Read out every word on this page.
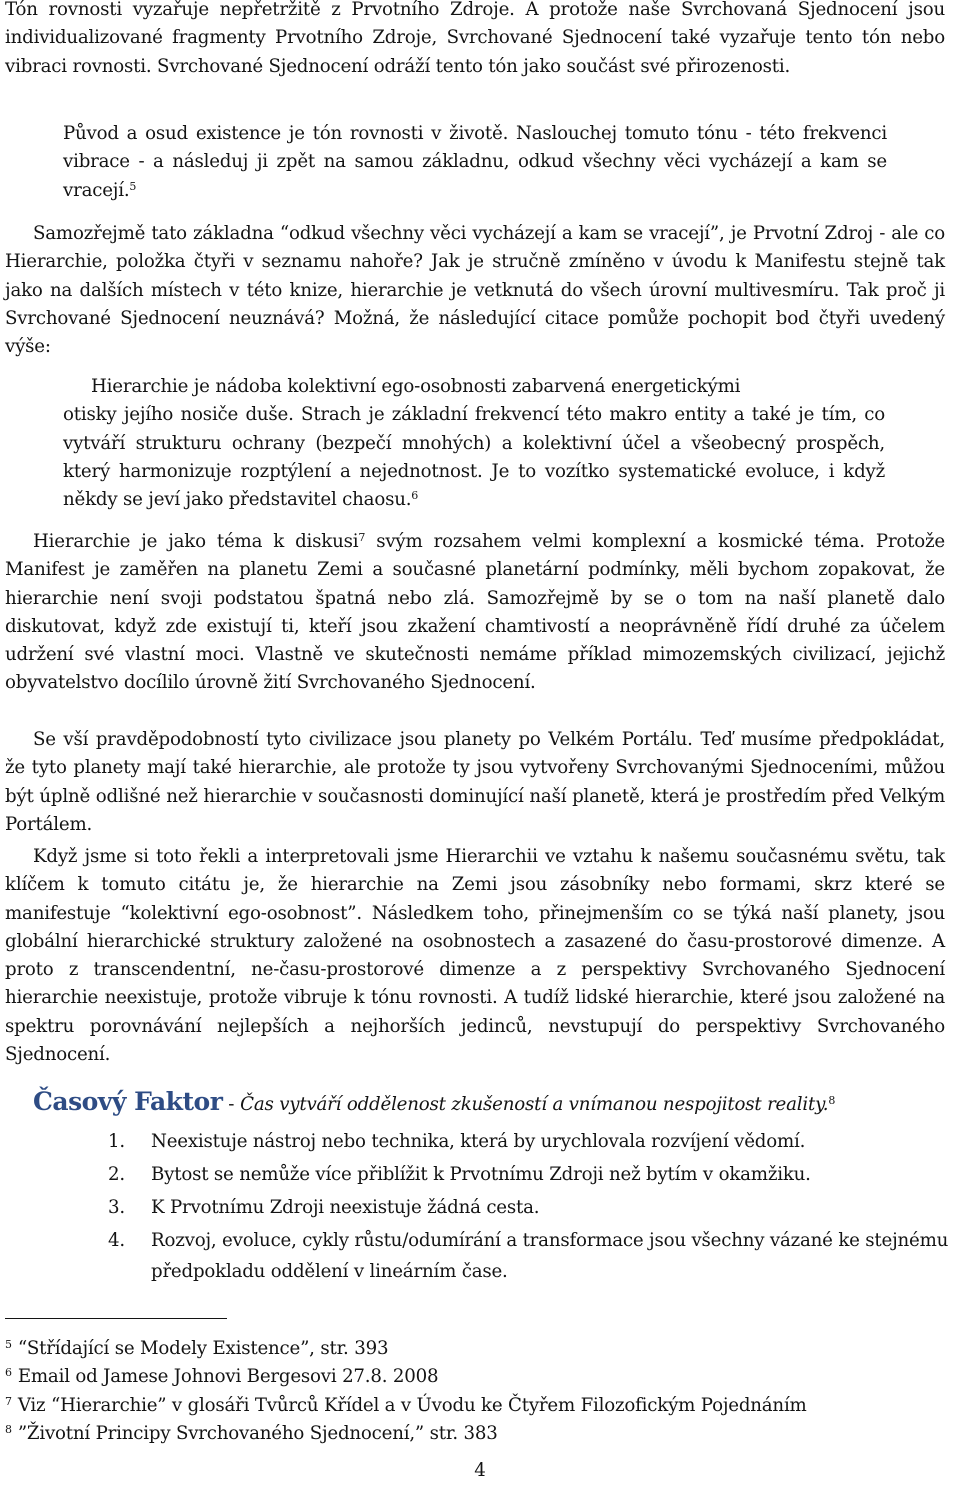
Tón rovnosti vyzařuje nepřetržitě z Prvotního Zdroje. A protože naše Svrchovaná Sjednocení jsou individualizované fragmenty Prvotního Zdroje, Svrchované Sjednocení také vyzařuje tento tón nebo vibraci rovnosti. Svrchované Sjednocení odráží tento tón jako součást své přirozenosti.

Původ a osud existence je tón rovnosti v životě. Naslouchej tomuto tónu - této frekvenci vibrace - a následuj ji zpět na samou základnu, odkud všechny věci vycházejí a kam se vracejí.$^5$

Samozřejmě tato základna “odkud všechny věci vycházejí a kam se vracejí”, je Prvotní Zdroj - ale co Hierarchie, položka čtyři v seznamu nahoře? Jak je stručně zmíněno v úvodu k Manifestu stejně tak jako na dalších místech v této knize, hierarchie je vetknutá do všech úrovní multivesmíru. Tak proč ji Svrchované Sjednocení neuznává? Možná, že následující citace pomůže pochopit bod čtyři uvedený výše:

Hierarchie je nádoba kolektivní ego-osobnosti zabarvená energetickými
otisky jejího nosiče duše. Strach je základní frekvencí této makro entity a také je tím, co vytváří strukturu ochrany (bezpečí mnohých) a kolektivní účel a všeobecný prospěch, který harmonizuje rozptýlení a nejednotnost. Je to vozítko systematické evoluce, i když někdy se jeví jako představitel chaosu.$^6$

Hierarchie je jako téma k diskusi$^7$ svým rozsahem velmi komplexní a kosmické téma. Protože Manifest je zaměřen na planetu Zemi a současné planetární podmínky, měli bychom zopakovat, že hierarchie není svoji podstatou špatná nebo zlá. Samozřejmě by se o tom na naší planetě dalo diskutovat, když zde existují ti, kteří jsou zkažení chamtivostí a neoprávněně řídí druhé za účelem udržení své vlastní moci. Vlastně ve skutečnosti nemáme příklad mimozemských civilizací, jejichž obyvatelstvo docílilo úrovně žití Svrchovaného Sjednocení.

Se vší pravděpodobností tyto civilizace jsou planety po Velkém Portálu. Teď musíme předpokládat, že tyto planety mají také hierarchie, ale protože ty jsou vytvořeny Svrchovanými Sjednoceními, můžou být úplně odlišné než hierarchie v současnosti dominující naší planetě, která je prostředím před Velkým Portálem.

Když jsme si toto řekli a interpretovali jsme Hierarchii ve vztahu k našemu současnému světu, tak klíčem k tomuto citátu je, že hierarchie na Zemi jsou zásobníky nebo formami, skrz které se manifestuje “kolektivní ego-osobnost”. Následkem toho, přinejmenším co se týká naší planety, jsou globální hierarchické struktury založené na osobnostech a zasazené do času-prostorové dimenze. A proto z transcendentní, ne-času-prostorové dimenze a z perspektivy Svrchovaného Sjednocení hierarchie neexistuje, protože vibruje k tónu rovnosti. A tudíž lidské hierarchie, které jsou založené na spektru porovnávání nejlepších a nejhorších jedinců, nevstupují do perspektivy Svrchovaného Sjednocení.

Časový Faktor - Čas vytváří oddělenost zkušeností a vnímanou nespojitost reality.$^8$
1. Neexistuje nástroj nebo technika, která by urychlovala rozvíjení vědomí.
2. Bytost se nemůže více přiblížit k Prvotnímu Zdroji než bytím v okamžiku.
3. K Prvotnímu Zdroji neexistuje žádná cesta.
4. Rozvoj, evoluce, cykly růstu/odumírání a transformace jsou všechny vázané ke stejnému předpokladu oddělení v lineárním čase.
$^5$ “Střídající se Modely Existence”, str. 393
$^6$ Email od Jamese Johnovi Bergesovi 27.8. 2008
$^7$ Viz “Hierarchie” v glosáři Tvůrců Křídel a v Úvodu ke Čtyřem Filozofickým Pojednáním
$^8$ ”Životní Principy Svrchovaného Sjednocení,” str. 383
4
